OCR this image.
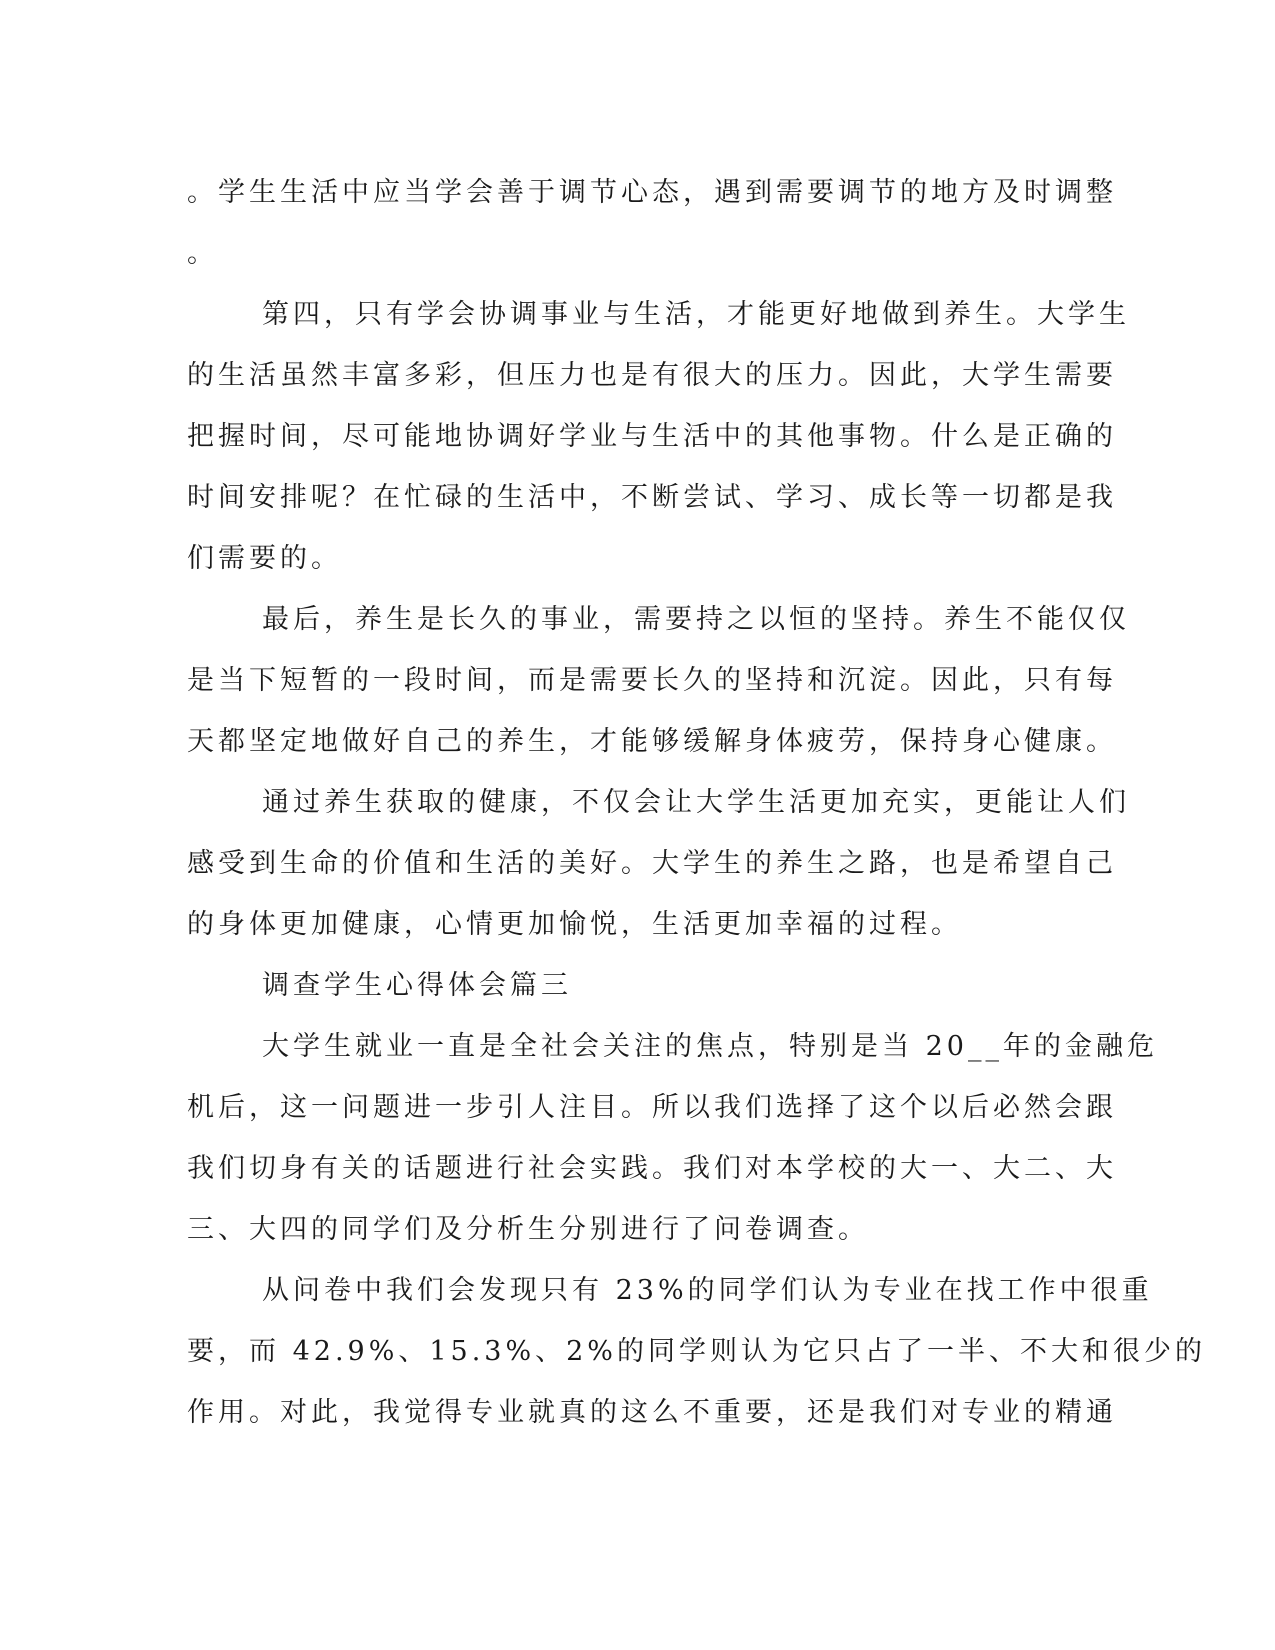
。学生生活中应当学会善于调节心态，遇到需要调节的地方及时调整
。

第四，只有学会协调事业与生活，才能更好地做到养生。大学生
的生活虽然丰富多彩，但压力也是有很大的压力。因此，大学生需要
把握时间，尽可能地协调好学业与生活中的其他事物。什么是正确的
时间安排呢？在忙碌的生活中，不断尝试、学习、成长等一切都是我
们需要的。

最后，养生是长久的事业，需要持之以恒的坚持。养生不能仅仅
是当下短暂的一段时间，而是需要长久的坚持和沉淀。因此，只有每
天都坚定地做好自己的养生，才能够缓解身体疲劳，保持身心健康。

通过养生获取的健康，不仅会让大学生活更加充实，更能让人们
感受到生命的价值和生活的美好。大学生的养生之路，也是希望自己
的身体更加健康，心情更加愉悦，生活更加幸福的过程。

调查学生心得体会篇三

大学生就业一直是全社会关注的焦点，特别是当 20__年的金融危
机后，这一问题进一步引人注目。所以我们选择了这个以后必然会跟
我们切身有关的话题进行社会实践。我们对本学校的大一、大二、大
三、大四的同学们及分析生分别进行了问卷调查。

从问卷中我们会发现只有 23%的同学们认为专业在找工作中很重
要，而 42.9%、15.3%、2%的同学则认为它只占了一半、不大和很少的
作用。对此，我觉得专业就真的这么不重要，还是我们对专业的精通
